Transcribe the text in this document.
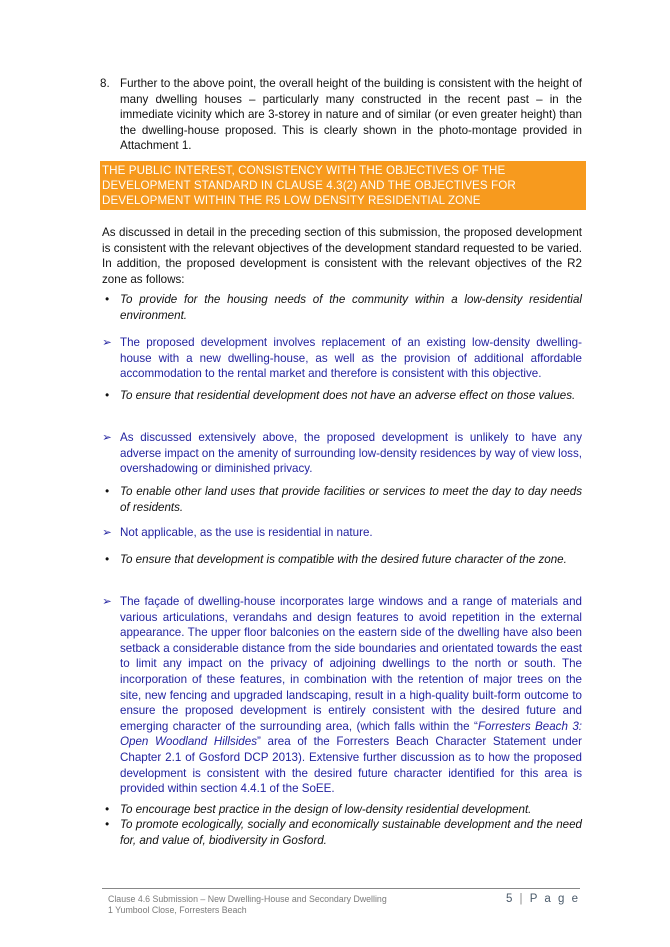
8. Further to the above point, the overall height of the building is consistent with the height of many dwelling houses – particularly many constructed in the recent past – in the immediate vicinity which are 3-storey in nature and of similar (or even greater height) than the dwelling-house proposed. This is clearly shown in the photo-montage provided in Attachment 1.
THE PUBLIC INTEREST, CONSISTENCY WITH THE OBJECTIVES OF THE DEVELOPMENT STANDARD IN CLAUSE 4.3(2) AND THE OBJECTIVES FOR DEVELOPMENT WITHIN THE R5 LOW DENSITY RESIDENTIAL ZONE
As discussed in detail in the preceding section of this submission, the proposed development is consistent with the relevant objectives of the development standard requested to be varied. In addition, the proposed development is consistent with the relevant objectives of the R2 zone as follows:
• To provide for the housing needs of the community within a low-density residential environment.
➢ The proposed development involves replacement of an existing low-density dwelling-house with a new dwelling-house, as well as the provision of additional affordable accommodation to the rental market and therefore is consistent with this objective.
• To ensure that residential development does not have an adverse effect on those values.
➢ As discussed extensively above, the proposed development is unlikely to have any adverse impact on the amenity of surrounding low-density residences by way of view loss, overshadowing or diminished privacy.
• To enable other land uses that provide facilities or services to meet the day to day needs of residents.
➢ Not applicable, as the use is residential in nature.
• To ensure that development is compatible with the desired future character of the zone.
➢ The façade of dwelling-house incorporates large windows and a range of materials and various articulations, verandahs and design features to avoid repetition in the external appearance. The upper floor balconies on the eastern side of the dwelling have also been setback a considerable distance from the side boundaries and orientated towards the east to limit any impact on the privacy of adjoining dwellings to the north or south. The incorporation of these features, in combination with the retention of major trees on the site, new fencing and upgraded landscaping, result in a high-quality built-form outcome to ensure the proposed development is entirely consistent with the desired future and emerging character of the surrounding area, (which falls within the “Forresters Beach 3: Open Woodland Hillsides” area of the Forresters Beach Character Statement under Chapter 2.1 of Gosford DCP 2013). Extensive further discussion as to how the proposed development is consistent with the desired future character identified for this area is provided within section 4.4.1 of the SoEE.
• To encourage best practice in the design of low-density residential development.
• To promote ecologically, socially and economically sustainable development and the need for, and value of, biodiversity in Gosford.
Clause 4.6 Submission – New Dwelling-House and Secondary Dwelling
1 Yumbool Close, Forresters Beach
5 | P a g e
